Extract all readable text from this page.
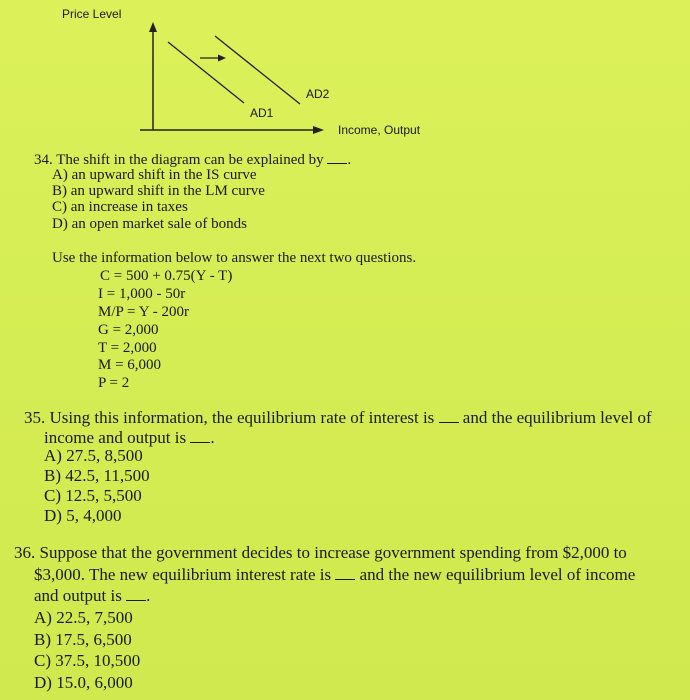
Price Level
Income, Output
AD1
AD2
34. The shift in the diagram can be explained by .
A) an upward shift in the IS curve
B) an upward shift in the LM curve
C) an increase in taxes
D) an open market sale of bonds
Use the information below to answer the next two questions.
C = 500 + 0.75(Y - T)
I = 1,000 - 50r
M/P = Y - 200r
G = 2,000
T = 2,000
M = 6,000
P = 2
35. Using this information, the equilibrium rate of interest is and the equilibrium level of
income and output is .
A) 27.5, 8,500
B) 42.5, 11,500
C) 12.5, 5,500
D) 5, 4,000
36. Suppose that the government decides to increase government spending from $2,000 to
$3,000. The new equilibrium interest rate is and the new equilibrium level of income
and output is .
A) 22.5, 7,500
B) 17.5, 6,500
C) 37.5, 10,500
D) 15.0, 6,000
